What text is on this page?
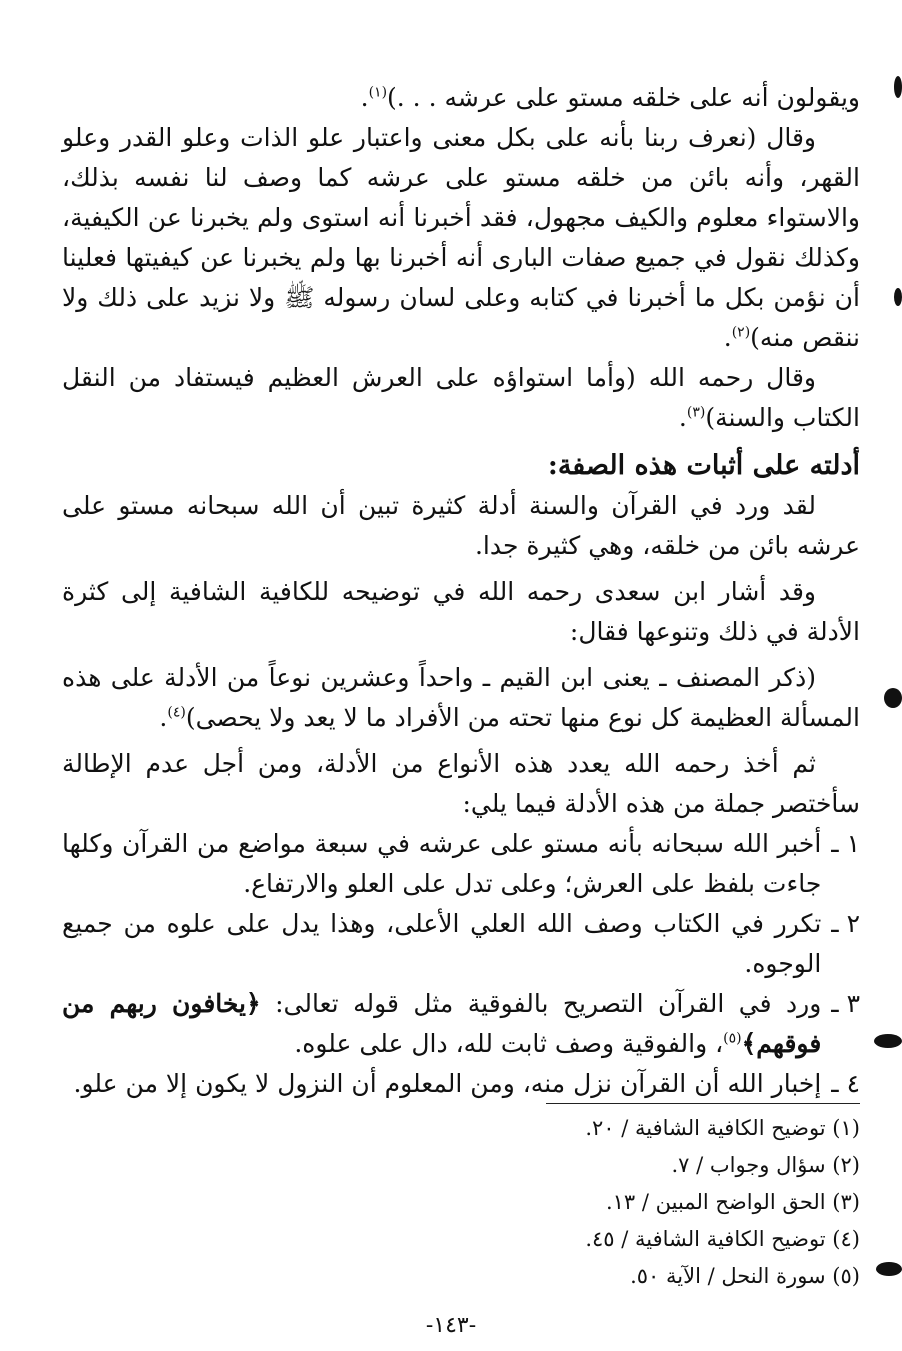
ويقولون أنه على خلقه مستو على عرشه . . .)$^{(١)}$.

وقال (نعرف ربنا بأنه على بكل معنى واعتبار علو الذات وعلو القدر وعلو القهر، وأنه بائن من خلقه مستو على عرشه كما وصف لنا نفسه بذلك، والاستواء معلوم والكيف مجهول، فقد أخبرنا أنه استوى ولم يخبرنا عن الكيفية، وكذلك نقول في جميع صفات البارى أنه أخبرنا بها ولم يخبرنا عن كيفيتها فعلينا أن نؤمن بكل ما أخبرنا في كتابه وعلى لسان رسوله ﷺ ولا نزيد على ذلك ولا ننقص منه)$^{(٢)}$.

وقال رحمه الله (وأما استواؤه على العرش العظيم فيستفاد من النقل الكتاب والسنة)$^{(٣)}$.

أدلته على أثبات هذه الصفة:

لقد ورد في القرآن والسنة أدلة كثيرة تبين أن الله سبحانه مستو على عرشه بائن من خلقه، وهي كثيرة جدا.

وقد أشار ابن سعدى رحمه الله في توضيحه للكافية الشافية إلى كثرة الأدلة في ذلك وتنوعها فقال:

(ذكر المصنف ـ يعنى ابن القيم ـ واحداً وعشرين نوعاً من الأدلة على هذه المسألة العظيمة كل نوع منها تحته من الأفراد ما لا يعد ولا يحصى)$^{(٤)}$.

ثم أخذ رحمه الله يعدد هذه الأنواع من الأدلة، ومن أجل عدم الإطالة سأختصر جملة من هذه الأدلة فيما يلي:

١ ـ
أخبر الله سبحانه بأنه مستو على عرشه في سبعة مواضع من القرآن وكلها جاءت بلفظ على العرش؛ وعلى تدل على العلو والارتفاع.
٢ ـ
تكرر في الكتاب وصف الله العلي الأعلى، وهذا يدل على علوه من جميع الوجوه.
٣ ـ
ورد في القرآن التصريح بالفوقية مثل قوله تعالى: ﴿يخافون ربهم من فوقهم﴾$^{(٥)}$، والفوقية وصف ثابت لله، دال على علوه.
٤ ـ
إخبار الله أن القرآن نزل منه، ومن المعلوم أن النزول لا يكون إلا من علو.

(١) توضيح الكافية الشافية / ٢٠.

(٢) سؤال وجواب / ٧.

(٣) الحق الواضح المبين / ١٣.

(٤) توضيح الكافية الشافية / ٤٥.

(٥) سورة النحل / الآية ٥٠.

-١٤٣-
